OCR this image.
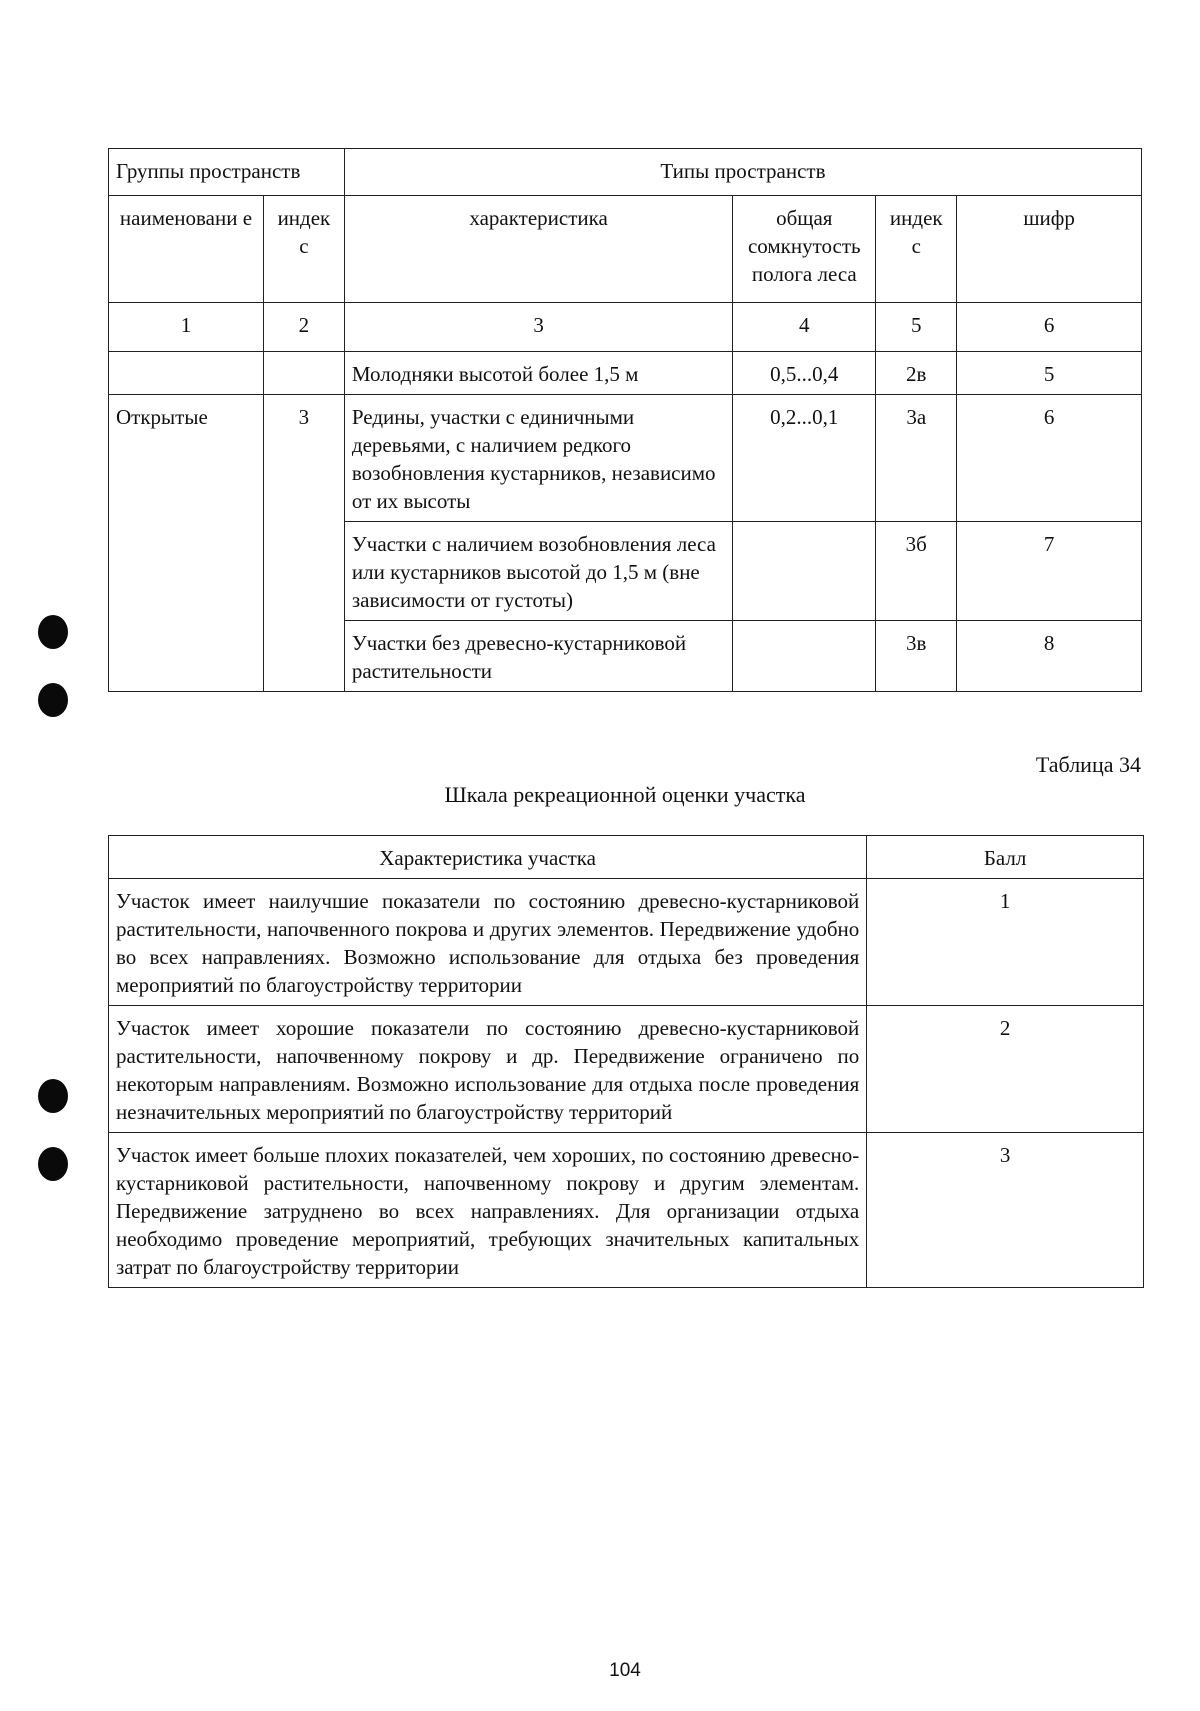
Группы пространств		Типы пространств			
наименовани е	индек с	характеристика	общая сомкнутость полога леса	индек с	шифр
1	2	3	4	5	6
		Молодняки высотой более 1,5 м	0,5...0,4	2в	5
Открытые	3	Редины, участки с единичными деревьями, с наличием редкого возобновления кустарников, независимо от их высоты	0,2...0,1	3а	6
		Участки с наличием возобновления леса или кустарников высотой до 1,5 м (вне зависимости от густоты)		3б	7
		Участки без древесно-кустарниковой растительности		3в	8
Таблица 34
Шкала рекреационной оценки участка
Характеристика участка	Балл
Участок имеет наилучшие показатели по состоянию древесно-кустарниковой растительности, напочвенного покрова и других элементов. Передвижение удобно во всех направлениях. Возможно использование для отдыха без проведения мероприятий по благоустройству территории	1
Участок имеет хорошие показатели по состоянию древесно-кустарниковой растительности, напочвенному покрову и др. Передвижение ограничено по некоторым направлениям. Возможно использование для отдыха после проведения незначительных мероприятий по благоустройству территорий	2
Участок имеет больше плохих показателей, чем хороших, по состоянию древесно-кустарниковой растительности, напочвенному покрову и другим элементам. Передвижение затруднено во всех направлениях. Для организации отдыха необходимо проведение мероприятий, требующих значительных капитальных затрат по благоустройству территории	3
104
